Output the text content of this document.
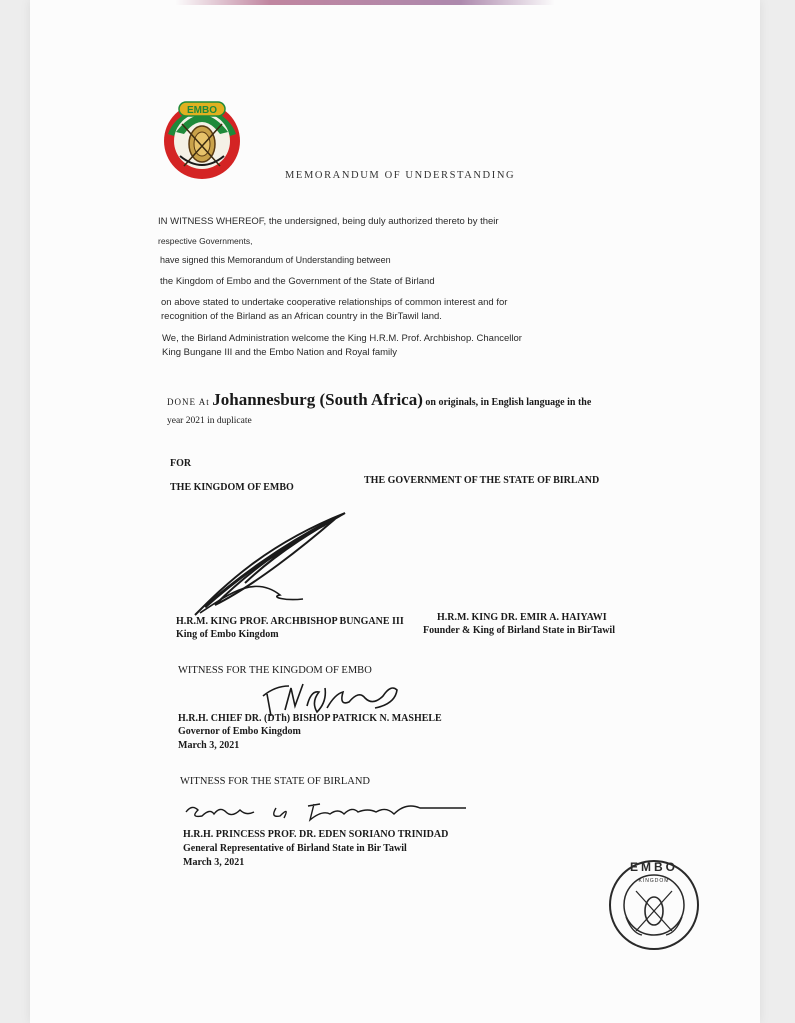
EMBO
MEMORANDUM OF UNDERSTANDING
IN WITNESS WHEREOF, the undersigned, being duly authorized thereto by their
respective Governments,
have signed this Memorandum of Understanding between
the Kingdom of Embo and the Government of the State of Birland
on above stated to undertake cooperative relationships of common interest and for
recognition of the Birland as an African country in the BirTawil land.
We, the Birland Administration welcome the King H.R.M. Prof. Archbishop. Chancellor
King Bungane III and the Embo Nation and Royal family
DONE At Johannesburg (South Africa) on originals, in English language in the
year 2021 in duplicate
FOR
THE KINGDOM OF EMBO
THE GOVERNMENT OF THE STATE OF BIRLAND
H.R.M. KING PROF. ARCHBISHOP BUNGANE III
King of Embo Kingdom
H.R.M. KING DR. EMIR A. HAIYAWI
Founder & King of Birland State in BirTawil
WITNESS FOR THE KINGDOM OF EMBO
H.R.H. CHIEF DR. (DTh) BISHOP PATRICK N. MASHELE
Governor of Embo Kingdom
March 3, 2021
WITNESS FOR THE STATE OF BIRLAND
H.R.H. PRINCESS PROF. DR. EDEN SORIANO TRINIDAD
General Representative of Birland State in Bir Tawil
March 3, 2021	EMBO
KINGDOM
